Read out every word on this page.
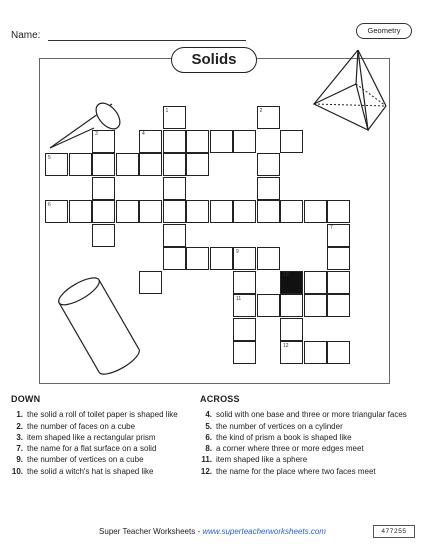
Name:	Geometry
Solids
1	2
3	4
5
6
7
9
10
11
12
DOWN
1. the solid a roll of toilet paper is shaped like
2. the number of faces on a cube
3. item shaped like a rectangular prism
7. the name for a flat surface on a solid
9. the number of vertices on a cube
10. the solid a witch's hat is shaped like
ACROSS
4. solid with one base and three or more triangular faces
5. the number of vertices on a cylinder
6. the kind of prism a book is shaped like
8. a corner where three or more edges meet
11. item shaped like a sphere
12. the name for the place where two faces meet
Super Teacher Worksheets - www.superteacherworksheets.com	477255
